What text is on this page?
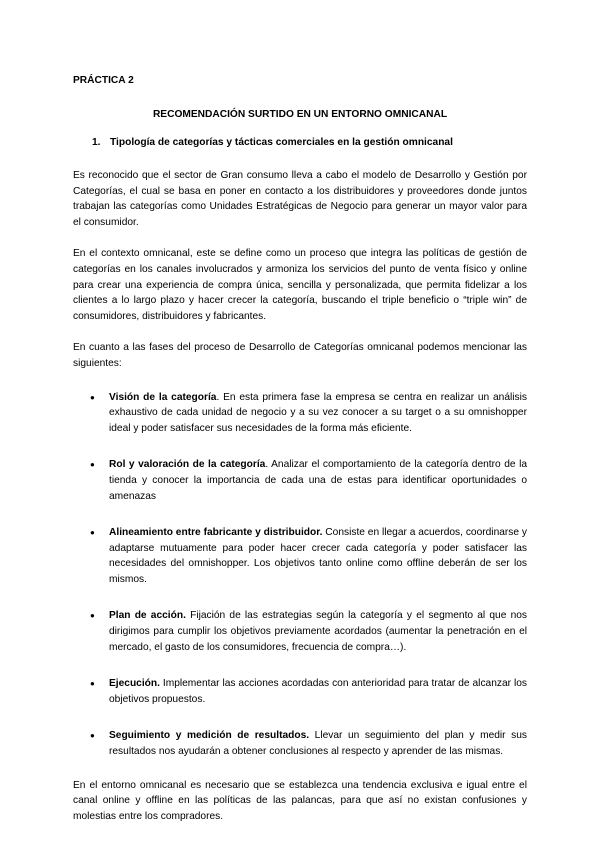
PRÁCTICA 2

RECOMENDACIÓN SURTIDO EN UN ENTORNO OMNICANAL

1. Tipología de categorías y tácticas comerciales en la gestión omnicanal

Es reconocido que el sector de Gran consumo lleva a cabo el modelo de Desarrollo y Gestión por Categorías, el cual se basa en poner en contacto a los distribuidores y proveedores donde juntos trabajan las categorías como Unidades Estratégicas de Negocio para generar un mayor valor para el consumidor.

En el contexto omnicanal, este se define como un proceso que integra las políticas de gestión de categorías en los canales involucrados y armoniza los servicios del punto de venta físico y online para crear una experiencia de compra única, sencilla y personalizada, que permita fidelizar a los clientes a lo largo plazo y hacer crecer la categoría, buscando el triple beneficio o “triple win” de consumidores, distribuidores y fabricantes.

En cuanto a las fases del proceso de Desarrollo de Categorías omnicanal podemos mencionar las siguientes:

● Visión de la categoría. En esta primera fase la empresa se centra en realizar un análisis exhaustivo de cada unidad de negocio y a su vez conocer a su target o a su omnishopper ideal y poder satisfacer sus necesidades de la forma más eficiente.
● Rol y valoración de la categoría. Analizar el comportamiento de la categoría dentro de la tienda y conocer la importancia de cada una de estas para identificar oportunidades o amenazas
● Alineamiento entre fabricante y distribuidor. Consiste en llegar a acuerdos, coordinarse y adaptarse mutuamente para poder hacer crecer cada categoría y poder satisfacer las necesidades del omnishopper. Los objetivos tanto online como offline deberán de ser los mismos.
● Plan de acción. Fijación de las estrategias según la categoría y el segmento al que nos dirigimos para cumplir los objetivos previamente acordados (aumentar la penetración en el mercado, el gasto de los consumidores, frecuencia de compra…).
● Ejecución. Implementar las acciones acordadas con anterioridad para tratar de alcanzar los objetivos propuestos.
● Seguimiento y medición de resultados. Llevar un seguimiento del plan y medir sus resultados nos ayudarán a obtener conclusiones al respecto y aprender de las mismas.

En el entorno omnicanal es necesario que se establezca una tendencia exclusiva e igual entre el canal online y offline en las políticas de las palancas, para que así no existan confusiones y molestias entre los compradores.
